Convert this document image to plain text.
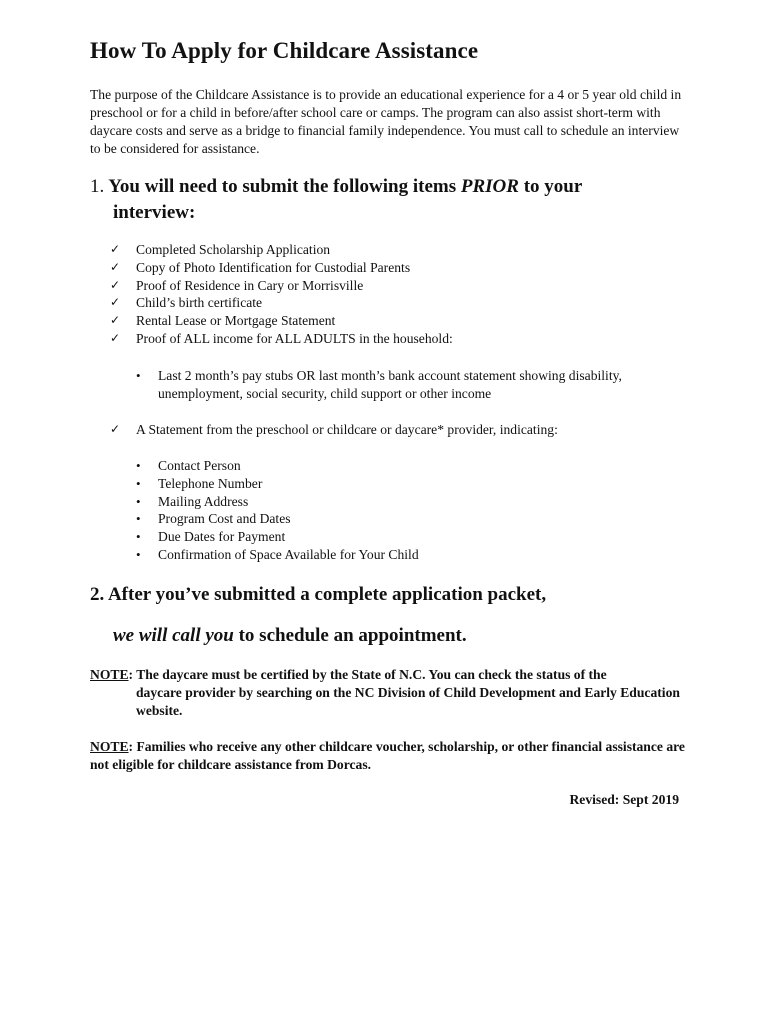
How To Apply for Childcare Assistance

The purpose of the Childcare Assistance is to provide an educational experience for a 4 or 5 year old child in preschool or for a child in before/after school care or camps. The program can also assist short-term with daycare costs and serve as a bridge to financial family independence. You must call to schedule an interview to be considered for assistance.

1. You will need to submit the following items PRIOR to your
interview:
✓ Completed Scholarship Application
✓ Copy of Photo Identification for Custodial Parents
✓ Proof of Residence in Cary or Morrisville
✓ Child’s birth certificate
✓ Rental Lease or Mortgage Statement
✓ Proof of ALL income for ALL ADULTS in the household:
• Last 2 month’s pay stubs OR last month’s bank account statement showing disability, unemployment, social security, child support or other income
✓ A Statement from the preschool or childcare or daycare* provider, indicating:
• Contact Person
• Telephone Number
• Mailing Address
• Program Cost and Dates
• Due Dates for Payment
• Confirmation of Space Available for Your Child
2. After you’ve submitted a complete application packet,
we will call you to schedule an appointment.

NOTE: The daycare must be certified by the State of N.C. You can check the status of the
daycare provider by searching on the NC Division of Child Development and Early Education website.

NOTE: Families who receive any other childcare voucher, scholarship, or other financial assistance are not eligible for childcare assistance from Dorcas.

Revised: Sept 2019
